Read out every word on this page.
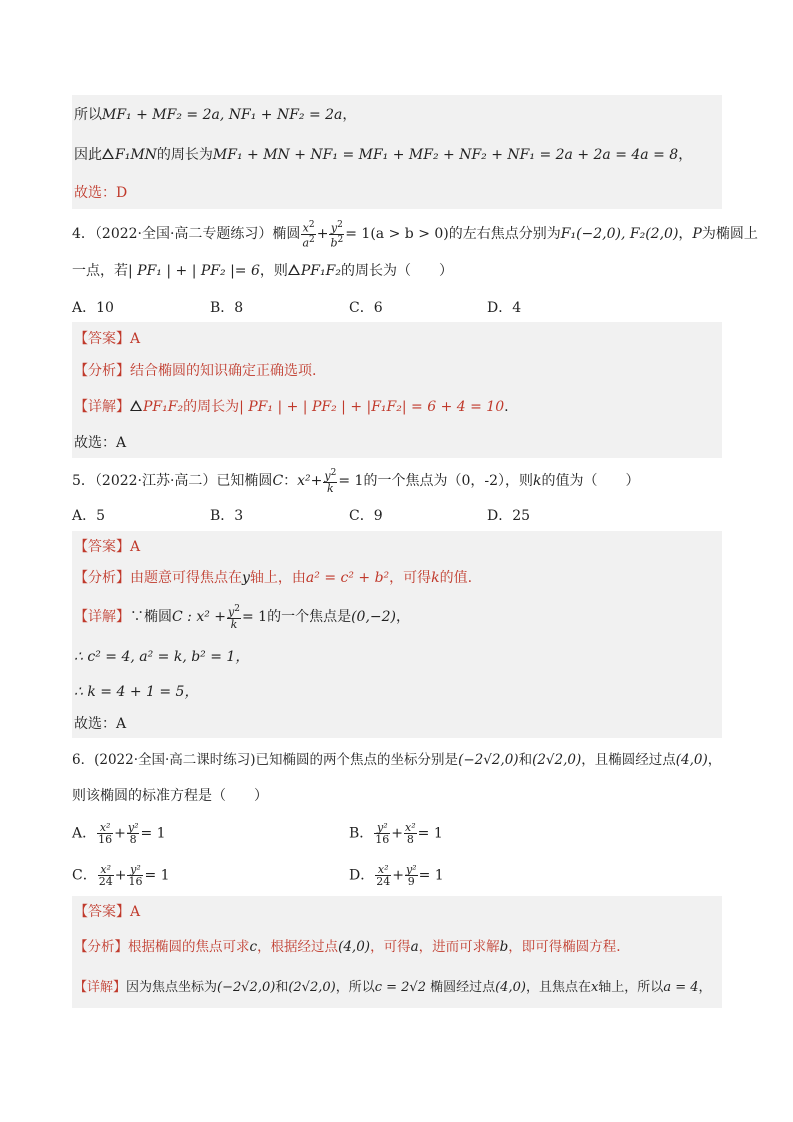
所以MF₁ + MF₂ = 2a, NF₁ + NF₂ = 2a，
因此 F₁MN的周长为MF₁ + MN + NF₁ = MF₁ + MF₂ + NF₂ + NF₁ = 2a + 2a = 4a = 8，
故选：D
4．（2022·全国·高二专题练习）椭圆 $\frac{x^2}{a^2} + \frac{y^2}{b^2} = 1(a > b > 0)$的左右焦点分别为F₁(−2,0), F₂(2,0)，P为椭圆上
一点，若| PF₁ | + | PF₂ |= 6，则 PF₁F₂的周长为（　　）
A．10	B．8	C．6	D．4
【答案】A
【分析】结合椭圆的知识确定正确选项.
【详解】 PF₁F₂的周长为| PF₁ | + | PF₂ | + |F₁F₂| = 6 + 4 = 10.
故选：A
5．（2022·江苏·高二）已知椭圆C：$x^2+ \frac{y^2}{k} = 1$的一个焦点为（0，-2），则k的值为（　　）
A．5	B．3	C．9	D．25
【答案】A
【分析】由题意可得焦点在y轴上，由a² = c² + b²，可得k的值.
【详解】∵椭圆C : $x^2 + \frac{y^2}{k} = 1$的一个焦点是(0,−2)，
∴ c² = 4, a² = k, b² = 1，
∴ k = 4 + 1 = 5，
故选：A
6．(2022·全国·高二课时练习)已知椭圆的两个焦点的坐标分别是(−2√2,0)和(2√2,0)，且椭圆经过点(4,0)，
则该椭圆的标准方程是（　　）
A． $\frac{\text{x²}}{16} + \frac{\text{y²}}{8} = 1$	B． $\frac{\text{y²}}{16} + \frac{\text{x²}}{8} = 1$
C． $\frac{\text{x²}}{24} + \frac{\text{y²}}{16} = 1$	D． $\frac{\text{x²}}{24} + \frac{\text{y²}}{9} = 1$
【答案】A
【分析】根据椭圆的焦点可求c，根据经过点(4,0)，可得a，进而可求解b，即可得椭圆方程.
【详解】因为焦点坐标为(−2√2,0)和(2√2,0)，所以c = 2√2 椭圆经过点(4,0)，且焦点在x轴上，所以a = 4，
